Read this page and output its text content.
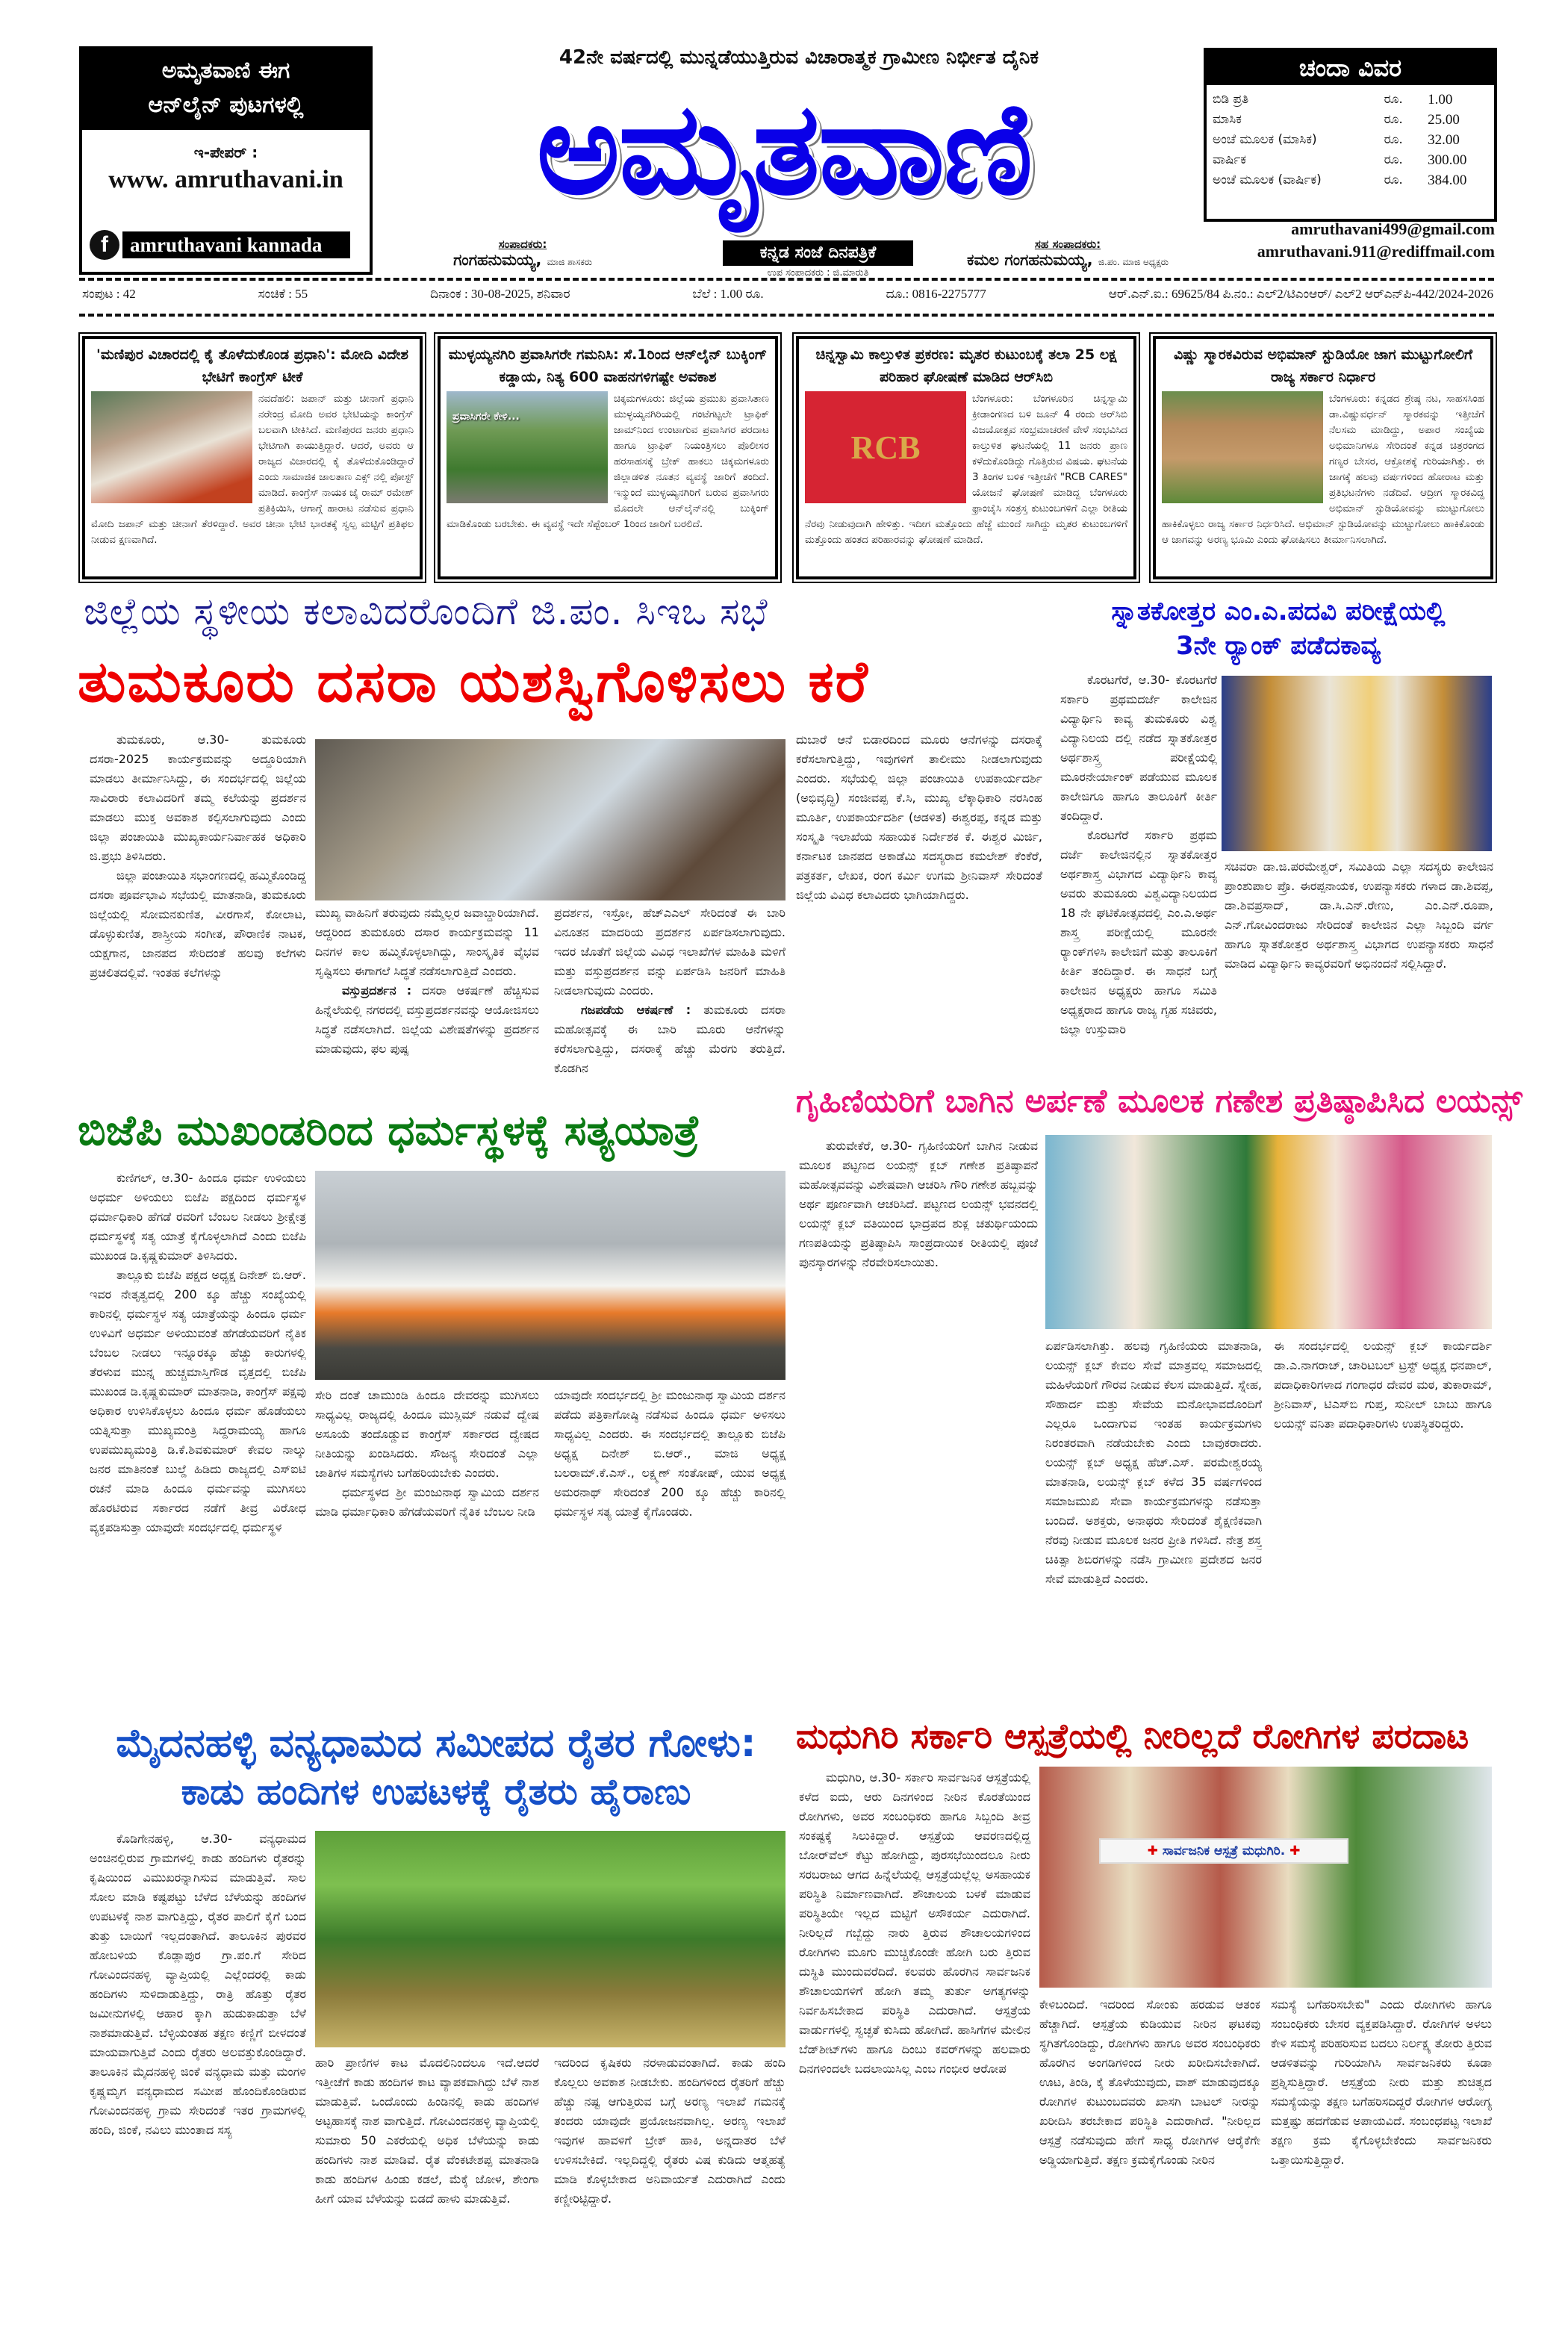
ಅಮೃತವಾಣಿ ಈಗ
ಆನ್‌ಲೈನ್ ಪುಟಗಳಲ್ಲಿ
ಇ-ಪೇಪರ್ :
www. amruthavani.in
f	amruthavani kannada
42ನೇ ವರ್ಷದಲ್ಲಿ ಮುನ್ನಡೆಯುತ್ತಿರುವ ವಿಚಾರಾತ್ಮಕ ಗ್ರಾಮೀಣ ನಿರ್ಭೀತ ದೈನಿಕ
ಅಮೃತವಾಣಿ
ಸಂಪಾದಕರು:
ಗಂಗಹನುಮಯ್ಯ, ಮಾಜಿ ಶಾಸಕರು	ಕನ್ನಡ ಸಂಜೆ ದಿನಪತ್ರಿಕೆ
ಉಪ ಸಂಪಾದಕರು : ಜಿ.ಮಾರುತಿ
ಸಹ ಸಂಪಾದಕರು:
ಕಮಲ ಗಂಗಹನುಮಯ್ಯ, ಜಿ.ಪಂ. ಮಾಜಿ ಅಧ್ಯಕ್ಷರು
ಚಂದಾ ವಿವರ
ಬಿಡಿ ಪ್ರತಿ	ರೂ.	1.00
ಮಾಸಿಕ	ರೂ.	25.00
ಅಂಚೆ ಮೂಲಕ (ಮಾಸಿಕ)	ರೂ.	32.00
ವಾರ್ಷಿಕ	ರೂ.	300.00
ಅಂಚೆ ಮೂಲಕ (ವಾರ್ಷಿಕ)	ರೂ.	384.00
amruthavani499@gmail.com
amruthavani.911@rediffmail.com
ಸಂಪುಟ : 42	ಸಂಚಿಕೆ : 55	ದಿನಾಂಕ : 30-08-2025, ಶನಿವಾರ	ಬೆಲೆ : 1.00 ರೂ.	ದೂ.: 0816-2275777	ಆರ್.ಎನ್.ಐ.: 69625/84 ಪಿ.ನಂ.: ಎಲ್2/ಟಿಎಂಆರ್/ ಎಲ್2 ಆರ್‌ಎನ್‌ಪಿ-442/2024-2026
'ಮಣಿಪುರ ವಿಚಾರದಲ್ಲಿ ಕೈ ತೊಳೆದುಕೊಂಡ ಪ್ರಧಾನಿ': ಮೋದಿ ವಿದೇಶ ಭೇಟಿಗೆ ಕಾಂಗ್ರೆಸ್ ಟೀಕೆ
ನವದೆಹಲಿ: ಜಪಾನ್ ಮತ್ತು ಚೀನಾಗೆ ಪ್ರಧಾನಿ ನರೇಂದ್ರ ಮೋದಿ ಅವರ ಭೇಟಿಯನ್ನು ಕಾಂಗ್ರೆಸ್ ಬಲವಾಗಿ ಟೀಕಿಸಿದೆ. ಮಣಿಪುರದ ಜನರು ಪ್ರಧಾನಿ ಭೇಟಿಗಾಗಿ ಕಾಯುತ್ತಿದ್ದಾರೆ. ಆದರೆ, ಅವರು ಆ ರಾಜ್ಯದ ವಿಚಾರದಲ್ಲಿ ಕೈ ತೊಳೆದುಕೊಂಡಿದ್ದಾರೆ ಎಂದು ಸಾಮಾಜಿಕ ಜಾಲತಾಣ ಎಕ್ಸ್ ನಲ್ಲಿ ಪೋಸ್ಟ್ ಮಾಡಿದೆ. ಕಾಂಗ್ರೆಸ್ ನಾಯಕ ಜೈ ರಾಮ್ ರಮೇಶ್ ಪ್ರತಿಕ್ರಿಯಿಸಿ, ಆಗಾಗ್ಗೆ ಹಾರಾಟ ನಡೆಸುವ ಪ್ರಧಾನಿ ಮೋದಿ ಜಪಾನ್ ಮತ್ತು ಚೀನಾಗೆ ತೆರಳಿದ್ದಾರೆ. ಅವರ ಚೀನಾ ಭೇಟಿ ಭಾರತಕ್ಕೆ ಸ್ವಲ್ಪ ಮಟ್ಟಿಗೆ ಪ್ರತಿಫಲ ನೀಡುವ ಕ್ಷಣವಾಗಿದೆ.
ಮುಳ್ಳಯ್ಯನಗಿರಿ ಪ್ರವಾಸಿಗರೇ ಗಮನಿಸಿ: ಸೆ.1ರಿಂದ ಆನ್‌ಲೈನ್ ಬುಕ್ಕಿಂಗ್ ಕಡ್ಡಾಯ, ನಿತ್ಯ 600 ವಾಹನಗಳಿಗಷ್ಟೇ ಅವಕಾಶ
ಪ್ರವಾಸಿಗರೇ ಕೇಳಿ...
ಚಿಕ್ಕಮಗಳೂರು: ಜಿಲ್ಲೆಯ ಪ್ರಮುಖ ಪ್ರವಾಸಿತಾಣ ಮುಳ್ಳಯ್ಯನಗಿರಿಯಲ್ಲಿ ಗಂಟೆಗಟ್ಟಲೇ ಟ್ರಾಫಿಕ್ ಜಾಮ್‌ನಿಂದ ಉಂಟಾಗುವ ಪ್ರವಾಸಿಗರ ಪರದಾಟ ಹಾಗೂ ಟ್ರಾಫಿಕ್ ನಿಯಂತ್ರಿಸಲು ಪೊಲೀಸರ ಹರಸಾಹಸಕ್ಕೆ ಬ್ರೇಕ್ ಹಾಕಲು ಚಿಕ್ಕಮಗಳೂರು ಜಿಲ್ಲಾಡಳಿತ ನೂತನ ವ್ಯವಸ್ಥೆ ಜಾರಿಗೆ ತಂದಿದೆ. ಇನ್ಮುಂದೆ ಮುಳ್ಳಯ್ಯನಗಿರಿಗೆ ಬರುವ ಪ್ರವಾಸಿಗರು ಮೊದಲೇ ಆನ್‌ಲೈನ್‌ನಲ್ಲಿ ಬುಕ್ಕಿಂಗ್ ಮಾಡಿಕೊಂಡು ಬರಬೇಕು. ಈ ವ್ಯವಸ್ಥೆ ಇದೇ ಸೆಪ್ಟೆಂಬರ್ 1ರಿಂದ ಜಾರಿಗೆ ಬರಲಿದೆ.
ಚಿನ್ನಸ್ವಾಮಿ ಕಾಲ್ತುಳಿತ ಪ್ರಕರಣ: ಮೃತರ ಕುಟುಂಬಕ್ಕೆ ತಲಾ 25 ಲಕ್ಷ ಪರಿಹಾರ ಘೋಷಣೆ ಮಾಡಿದ ಆರ್‌ಸಿಬಿ
RCB
ಬೆಂಗಳೂರು: ಬೆಂಗಳೂರಿನ ಚಿನ್ನಸ್ವಾಮಿ ಕ್ರೀಡಾಂಗಣದ ಬಳಿ ಜೂನ್ 4 ರಂದು ಆರ್‌ಸಿಬಿ ವಿಜಯೋತ್ಸವ ಸಂಭ್ರಮಾಚರಣೆ ವೇಳೆ ಸಂಭವಿಸಿದ ಕಾಲ್ತುಳಿತ ಘಟನೆಯಲ್ಲಿ 11 ಜನರು ಪ್ರಾಣ ಕಳೆದುಕೊಂಡಿದ್ದು ಗೊತ್ತಿರುವ ವಿಷಯ. ಘಟನೆಯ 3 ತಿಂಗಳ ಬಳಿಕ ಇತ್ತೀಚೆಗೆ "RCB CARES" ಯೋಜನೆ ಘೋಷಣೆ ಮಾಡಿದ್ದ ಬೆಂಗಳೂರು ಫ್ರಾಂಚೈಸಿ ಸಂತ್ರಸ್ತ ಕುಟುಂಬಗಳಿಗೆ ಎಲ್ಲಾ ರೀತಿಯ ನೆರವು ನೀಡುವುದಾಗಿ ಹೇಳಿತ್ತು. ಇದೀಗ ಮತ್ತೊಂದು ಹೆಜ್ಜೆ ಮುಂದೆ ಸಾಗಿದ್ದು ಮೃತರ ಕುಟುಂಬಗಳಿಗೆ ಮತ್ತೊಂದು ಹಂತದ ಪರಿಹಾರವನ್ನು ಘೋಷಣೆ ಮಾಡಿದೆ.
ವಿಷ್ಣು ಸ್ಮಾರಕವಿರುವ ಅಭಿಮಾನ್ ಸ್ಟುಡಿಯೋ ಜಾಗ ಮುಟ್ಟುಗೋಲಿಗೆ ರಾಜ್ಯ ಸರ್ಕಾರ ನಿರ್ಧಾರ
ಬೆಂಗಳೂರು: ಕನ್ನಡದ ಶ್ರೇಷ್ಠ ನಟ, ಸಾಹಸಸಿಂಹ ಡಾ.ವಿಷ್ಣುವರ್ಧನ್ ಸ್ಮಾರಕವನ್ನು ಇತ್ತೀಚೆಗೆ ನೆಲಸಮ ಮಾಡಿದ್ದು, ಅಪಾರ ಸಂಖ್ಯೆಯ ಅಭಿಮಾನಿಗಳೂ ಸೇರಿದಂತೆ ಕನ್ನಡ ಚಿತ್ರರಂಗದ ಗಣ್ಯರ ಬೇಸರ, ಆಕ್ರೋಶಕ್ಕೆ ಗುರಿಯಾಗಿತ್ತು. ಈ ಜಾಗಕ್ಕೆ ಹಲವು ವರ್ಷಗಳಿಂದ ಹೋರಾಟ ಮತ್ತು ಪ್ರತಿಭಟನೆಗಳು ನಡೆದಿವೆ. ಆದ್ರೀಗ ಸ್ಮಾರಕವಿದ್ದ ಅಭಿಮಾನ್ ಸ್ಟುಡಿಯೋವನ್ನು ಮುಟ್ಟುಗೋಲು ಹಾಕಿಕೊಳ್ಳಲು ರಾಜ್ಯ ಸರ್ಕಾರ ನಿರ್ಧರಿಸಿದೆ. ಅಭಿಮಾನ್ ಸ್ಟುಡಿಯೋವನ್ನು ಮುಟ್ಟುಗೋಲು ಹಾಕಿಕೊಂಡು ಆ ಜಾಗವನ್ನು ಅರಣ್ಯ ಭೂಮಿ ಎಂದು ಘೋಷಿಸಲು ತೀರ್ಮಾನಿಸಲಾಗಿದೆ.
ಜಿಲ್ಲೆಯ ಸ್ಥಳೀಯ ಕಲಾವಿದರೊಂದಿಗೆ ಜಿ.ಪಂ. ಸಿಇಒ ಸಭೆ
ತುಮಕೂರು ದಸರಾ ಯಶಸ್ವಿಗೊಳಿಸಲು ಕರೆ

ತುಮಕೂರು, ಆ.30- ತುಮಕೂರು ದಸರಾ-2025 ಕಾರ್ಯಕ್ರಮವನ್ನು ಅದ್ದೂರಿಯಾಗಿ ಮಾಡಲು ತೀರ್ಮಾನಿಸಿದ್ದು, ಈ ಸಂದರ್ಭದಲ್ಲಿ ಜಿಲ್ಲೆಯ ಸಾವಿರಾರು ಕಲಾವಿದರಿಗೆ ತಮ್ಮ ಕಲೆಯನ್ನು ಪ್ರದರ್ಶನ ಮಾಡಲು ಮುಕ್ತ ಅವಕಾಶ ಕಲ್ಪಿಸಲಾಗುವುದು ಎಂದು ಜಿಲ್ಲಾ ಪಂಚಾಯಿತಿ ಮುಖ್ಯಕಾರ್ಯನಿರ್ವಾಹಕ ಅಧಿಕಾರಿ ಜಿ.ಪ್ರಭು ತಿಳಿಸಿದರು.

ಜಿಲ್ಲಾ ಪಂಚಾಯಿತಿ ಸಭಾಂಗಣದಲ್ಲಿ ಹಮ್ಮಿಕೊಂಡಿದ್ದ ದಸರಾ ಪೂರ್ವಭಾವಿ ಸಭೆಯಲ್ಲಿ ಮಾತನಾಡಿ, ತುಮಕೂರು ಜಿಲ್ಲೆಯಲ್ಲಿ ಸೋಮನಕುಣಿತ, ವೀರಗಾಸೆ, ಕೋಲಾಟ, ಡೊಳ್ಳುಕುಣಿತ, ಶಾಸ್ತ್ರೀಯ ಸಂಗೀತ, ಪೌರಾಣಿಕ ನಾಟಕ, ಯಕ್ಷಗಾನ, ಜಾನಪದ ಸೇರಿದಂತೆ ಹಲವು ಕಲೆಗಳು ಪ್ರಚಲಿತದಲ್ಲಿವೆ. ಇಂತಹ ಕಲೆಗಳನ್ನು

ಮುಖ್ಯ ವಾಹಿನಿಗೆ ತರುವುದು ನಮ್ಮೆಲ್ಲರ ಜವಾಬ್ದಾರಿಯಾಗಿದೆ. ಆದ್ದರಿಂದ ತುಮಕೂರು ದಸಾರ ಕಾರ್ಯಕ್ರಮವನ್ನು 11 ದಿನಗಳ ಕಾಲ ಹಮ್ಮಿಕೊಳ್ಳಲಾಗಿದ್ದು, ಸಾಂಸ್ಕೃತಿಕ ವೈಭವ ಸೃಷ್ಟಿಸಲು ಈಗಾಗಲೆ ಸಿದ್ಧತೆ ನಡೆಸಲಾಗುತ್ತಿದೆ ಎಂದರು.

ವಸ್ತುಪ್ರದರ್ಶನ : ದಸರಾ ಆಕರ್ಷಣೆ ಹೆಚ್ಚಿಸುವ ಹಿನ್ನೆಲೆಯಲ್ಲಿ ನಗರದಲ್ಲಿ ವಸ್ತುಪ್ರದರ್ಶನವನ್ನು ಆಯೋಜಿಸಲು ಸಿದ್ಧತೆ ನಡೆಸಲಾಗಿದೆ. ಜಿಲ್ಲೆಯ ವಿಶೇಷತೆಗಳನ್ನು ಪ್ರದರ್ಶನ ಮಾಡುವುದು, ಫಲ ಪುಷ್ಪ

ಪ್ರದರ್ಶನ, ಇಸ್ರೋ, ಹೆಚ್‌ಎಎಲ್ ಸೇರಿದಂತೆ ಈ ಬಾರಿ ವಿನೂತನ ಮಾದರಿಯ ಪ್ರದರ್ಶನ ಏರ್ಪಡಿಸಲಾಗುವುದು. ಇದರ ಜೊತೆಗೆ ಜಿಲ್ಲೆಯ ವಿವಿಧ ಇಲಾಖೆಗಳ ಮಾಹಿತಿ ಮಳಿಗೆ ಮತ್ತು ವಸ್ತುಪ್ರದರ್ಶನ ವನ್ನು ಏರ್ಪಡಿಸಿ ಜನರಿಗೆ ಮಾಹಿತಿ ನೀಡಲಾಗುವುದು ಎಂದರು.

ಗಜಪಡೆಯ ಆಕರ್ಷಣೆ : ತುಮಕೂರು ದಸರಾ ಮಹೋತ್ಸವಕ್ಕೆ ಈ ಬಾರಿ ಮೂರು ಆನೆಗಳನ್ನು ಕರೆಸಲಾಗುತ್ತಿದ್ದು, ದಸರಾಕ್ಕೆ ಹೆಚ್ಚು ಮೆರಗು ತರುತ್ತಿದೆ. ಕೊಡಗಿನ

ದುಬಾರೆ ಆನೆ ಬಿಡಾರದಿಂದ ಮೂರು ಆನೆಗಳನ್ನು ದಸರಾಕ್ಕೆ ಕರೆಸಲಾಗುತ್ತಿದ್ದು, ಇವುಗಳಿಗೆ ತಾಲೀಮು ನೀಡಲಾಗುವುದು ಎಂದರು. ಸಭೆಯಲ್ಲಿ ಜಿಲ್ಲಾ ಪಂಚಾಯಿತಿ ಉಪಕಾರ್ಯದರ್ಶಿ (ಅಭಿವೃದ್ಧಿ) ಸಂಜೀವಪ್ಪ ಕೆ.ಸಿ, ಮುಖ್ಯ ಲೆಕ್ಕಾಧಿಕಾರಿ ನರಸಿಂಹ ಮೂರ್ತಿ, ಉಪಕಾರ್ಯದರ್ಶಿ (ಆಡಳಿತ) ಈಶ್ವರಪ್ಪ, ಕನ್ನಡ ಮತ್ತು ಸಂಸ್ಕೃತಿ ಇಲಾಖೆಯ ಸಹಾಯಕ ನಿರ್ದೇಶಕ ಕೆ. ಈಶ್ವರ ಮಿರ್ಜಿ, ಕರ್ನಾಟಕ ಜಾನಪದ ಅಕಾಡೆಮಿ ಸದಸ್ಯರಾದ ಕಮಲೇಶ್ ಕೆಂಕೆರೆ, ಪತ್ರಕರ್ತ, ಲೇಖಕ, ರಂಗ ಕರ್ಮಿ ಉಗಮ ಶ್ರೀನಿವಾಸ್ ಸೇರಿದಂತೆ ಜಿಲ್ಲೆಯ ವಿವಿಧ ಕಲಾವಿದರು ಭಾಗಿಯಾಗಿದ್ದರು.

ಸ್ನಾತಕೋತ್ತರ ಎಂ.ಎ.ಪದವಿ ಪರೀಕ್ಷೆಯಲ್ಲಿ
3ನೇ ರ‍್ಯಾಂಕ್ ಪಡೆದಕಾವ್ಯ

ಕೊರಟಗೆರೆ, ಆ.30- ಕೊರಟಗೆರೆ ಸರ್ಕಾರಿ ಪ್ರಥಮದರ್ಜೆ ಕಾಲೇಜಿನ ವಿದ್ಯಾರ್ಥಿನಿ ಕಾವ್ಯ ತುಮಕೂರು ವಿಶ್ವ ವಿದ್ಯಾನಿಲಯ ದಲ್ಲಿ ನಡೆದ ಸ್ನಾತಕೋತ್ತರ ಅರ್ಥಶಾಸ್ತ್ರ ಪರೀಕ್ಷೆಯಲ್ಲಿ ಮೂರನೇರ್ಯಾಂಕ್ ಪಡೆಯುವ ಮೂಲಕ ಕಾಲೇಜಿಗೂ ಹಾಗೂ ತಾಲೂಕಿಗೆ ಕೀರ್ತಿ ತಂದಿದ್ದಾರೆ.

ಕೊರಟಗೆರೆ ಸರ್ಕಾರಿ ಪ್ರಥಮ ದರ್ಜೆ ಕಾಲೇಜಿನಲ್ಲಿನ ಸ್ನಾತಕೋತ್ತರ ಅರ್ಥಶಾಸ್ತ್ರ ವಿಭಾಗದ ವಿದ್ಯಾರ್ಥಿನಿ ಕಾವ್ಯ ಅವರು ತುಮಕೂರು ವಿಶ್ವವಿದ್ಯಾನಿಲಯದ 18 ನೇ ಘಟಿಕೋತ್ಸವದಲ್ಲಿ ಎಂ.ಎ.ಅರ್ಥ ಶಾಸ್ತ್ರ ಪರೀಕ್ಷೆಯಲ್ಲಿ ಮೂರನೇ ರ‍್ಯಾಂಕ್‌ಗಳಿಸಿ ಕಾಲೇಜಿಗೆ ಮತ್ತು ತಾಲೂಕಿಗೆ ಕೀರ್ತಿ ತಂದಿದ್ದಾರೆ. ಈ ಸಾಧನೆ ಬಗ್ಗೆ ಕಾಲೇಜಿನ ಅಧ್ಯಕ್ಷರು ಹಾಗೂ ಸಮಿತಿ ಅಧ್ಯಕ್ಷರಾದ ಹಾಗೂ ರಾಜ್ಯ ಗೃಹ ಸಚಿವರು, ಜಿಲ್ಲಾ ಉಸ್ತುವಾರಿ

ಸಚಿವರಾ ಡಾ.ಜಿ.ಪರಮೇಶ್ವರ್, ಸಮಿತಿಯ ಎಲ್ಲಾ ಸದಸ್ಯರು ಕಾಲೇಜಿನ ಪ್ರಾಂಶುಪಾಲ ಪ್ರೊ. ಈರಪ್ಪನಾಯಕ, ಉಪನ್ಯಾಸಕರು ಗಳಾದ ಡಾ.ಶಿವಪ್ಪ, ಡಾ.ಶಿವಪ್ರಸಾದ್, ಡಾ.ಸಿ.ಎನ್.ರೇಣು, ಎಂ.ಎನ್.ರೂಪಾ, ಎನ್.ಗೋವಿಂದರಾಜು ಸೇರಿದಂತೆ ಕಾಲೇಜಿನ ಎಲ್ಲಾ ಸಿಬ್ಬಂದಿ ವರ್ಗ ಹಾಗೂ ಸ್ನಾತಕೋತ್ತರ ಅರ್ಥಶಾಸ್ತ್ರ ವಿಭಾಗದ ಉಪನ್ಯಾಸಕರು ಸಾಧನೆ ಮಾಡಿದ ವಿದ್ಯಾರ್ಥಿನಿ ಕಾವ್ಯರವರಿಗೆ ಅಭಿನಂದನೆ ಸಲ್ಲಿಸಿದ್ದಾರೆ.

ಬಿಜೆಪಿ ಮುಖಂಡರಿಂದ ಧರ್ಮಸ್ಥಳಕ್ಕೆ ಸತ್ಯಯಾತ್ರೆ

ಕುಣಿಗಲ್, ಆ.30- ಹಿಂದೂ ಧರ್ಮ ಉಳಿಯಲು ಅಧರ್ಮ ಅಳಿಯಲು ಬಿಜೆಪಿ ಪಕ್ಷದಿಂದ ಧರ್ಮಸ್ಥಳ ಧರ್ಮಾಧಿಕಾರಿ ಹೆಗಡೆ ರವರಿಗೆ ಬೆಂಬಲ ನೀಡಲು ಶ್ರೀಕ್ಷೇತ್ರ ಧರ್ಮಸ್ಥಳಕ್ಕೆ ಸತ್ಯ ಯಾತ್ರೆ ಕೈಗೊಳ್ಳಲಾಗಿದೆ ಎಂದು ಬಿಜೆಪಿ ಮುಖಂಡ ಡಿ.ಕೃಷ್ಣಕುಮಾರ್ ತಿಳಿಸಿದರು.

ತಾಲ್ಲೂಕು ಬಿಜೆಪಿ ಪಕ್ಷದ ಅಧ್ಯಕ್ಷ ದಿನೇಶ್ ಬಿ.ಆರ್. ಇವರ ನೇತೃತ್ವದಲ್ಲಿ 200 ಕ್ಕೂ ಹೆಚ್ಚು ಸಂಖ್ಯೆಯಲ್ಲಿ ಕಾರಿನಲ್ಲಿ ಧರ್ಮಸ್ಥಳ ಸತ್ಯ ಯಾತ್ರೆಯನ್ನು ಹಿಂದೂ ಧರ್ಮ ಉಳಿವಿಗೆ ಅಧರ್ಮ ಅಳಿಯುವಂತೆ ಹೆಗಡೆಯವರಿಗೆ ನೈತಿಕ ಬೆಂಬಲ ನೀಡಲು ಇನ್ನೂರಕ್ಕೂ ಹೆಚ್ಚು ಕಾರುಗಳಲ್ಲಿ ತೆರಳುವ ಮುನ್ನ ಹುಚ್ಚಮಾಸ್ತಿಗೌಡ ವೃತ್ತದಲ್ಲಿ ಬಿಜೆಪಿ ಮುಖಂಡ ಡಿ.ಕೃಷ್ಣಕುಮಾರ್ ಮಾತನಾಡಿ, ಕಾಂಗ್ರೆಸ್ ಪಕ್ಷವು ಅಧಿಕಾರ ಉಳಿಸಿಕೊಳ್ಳಲು ಹಿಂದೂ ಧರ್ಮ ಹೊಡೆಯಲು ಯತ್ನಿಸುತ್ತಾ ಮುಖ್ಯಮಂತ್ರಿ ಸಿದ್ದರಾಮಯ್ಯ ಹಾಗೂ ಉಪಮುಖ್ಯಮಂತ್ರಿ ಡಿ.ಕೆ.ಶಿವಕುಮಾರ್ ಕೇವಲ ನಾಲ್ಕು ಜನರ ಮಾತಿನಂತೆ ಬುಲ್ಡೆ ಹಿಡಿದು ರಾಜ್ಯದಲ್ಲಿ ಎಸ್‌ಐಟಿ ರಚನೆ ಮಾಡಿ ಹಿಂದೂ ಧರ್ಮವನ್ನು ಮುಗಿಸಲು ಹೊರಟಿರುವ ಸರ್ಕಾರದ ನಡೆಗೆ ತೀವ್ರ ವಿರೋಧ ವ್ಯಕ್ತಪಡಿಸುತ್ತಾ ಯಾವುದೇ ಸಂದರ್ಭದಲ್ಲಿ ಧರ್ಮಸ್ಥಳ

ಸೇರಿ ದಂತೆ ಚಾಮುಂಡಿ ಹಿಂದೂ ದೇವರನ್ನು ಮುಗಿಸಲು ಸಾಧ್ಯವಿಲ್ಲ ರಾಜ್ಯದಲ್ಲಿ ಹಿಂದೂ ಮುಸ್ಲಿಮ್ ನಡುವೆ ದ್ವೇಷ ಅಸೂಯೆ ತಂದೊಡ್ಡುವ ಕಾಂಗ್ರೆಸ್ ಸರ್ಕಾರದ ದ್ವೇಷದ ನೀತಿಯನ್ನು ಖಂಡಿಸಿದರು. ಸೌಜನ್ಯ ಸೇರಿದಂತೆ ಎಲ್ಲಾ ಜಾತಿಗಳ ಸಮಸ್ಯೆಗಳು ಬಗೆಹರಿಯಬೇಕು ಎಂದರು.

ಧರ್ಮಸ್ಥಳದ ಶ್ರೀ ಮಂಜುನಾಥ ಸ್ವಾಮಿಯ ದರ್ಶನ ಮಾಡಿ ಧರ್ಮಾಧಿಕಾರಿ ಹೆಗಡೆಯವರಿಗೆ ನೈತಿಕ ಬೆಂಬಲ ನೀಡಿ

ಯಾವುದೇ ಸಂದರ್ಭದಲ್ಲಿ ಶ್ರೀ ಮಂಜುನಾಥ ಸ್ವಾಮಿಯ ದರ್ಶನ ಪಡೆದು ಪತ್ರಿಕಾಗೋಷ್ಠಿ ನಡೆಸುವ ಹಿಂದೂ ಧರ್ಮ ಅಳಿಸಲು ಸಾಧ್ಯವಿಲ್ಲ ಎಂದರು. ಈ ಸಂದರ್ಭದಲ್ಲಿ ತಾಲ್ಲೂಕು ಬಿಜೆಪಿ ಅಧ್ಯಕ್ಷ ದಿನೇಶ್ ಬಿ.ಆರ್., ಮಾಜಿ ಅಧ್ಯಕ್ಷ ಬಲರಾಮ್.ಕೆ.ಎಸ್., ಲಕ್ಷ್ಮಣ್ ಸಂತೋಷ್, ಯುವ ಅಧ್ಯಕ್ಷ ಅಮರನಾಥ್ ಸೇರಿದಂತೆ 200 ಕ್ಕೂ ಹೆಚ್ಚು ಕಾರಿನಲ್ಲಿ ಧರ್ಮಸ್ಥಳ ಸತ್ಯ ಯಾತ್ರೆ ಕೈಗೊಂಡರು.

ಗೃಹಿಣಿಯರಿಗೆ ಬಾಗಿನ ಅರ್ಪಣೆ ಮೂಲಕ ಗಣೇಶ ಪ್ರತಿಷ್ಠಾಪಿಸಿದ ಲಯನ್ಸ್

ತುರುವೇಕೆರೆ, ಆ.30- ಗೃಹಿಣಿಯರಿಗೆ ಬಾಗಿನ ನೀಡುವ ಮೂಲಕ ಪಟ್ಟಣದ ಲಯನ್ಸ್ ಕ್ಲಬ್ ಗಣೇಶ ಪ್ರತಿಷ್ಠಾಪನೆ ಮಹೋತ್ಸವವನ್ನು ವಿಶೇಷವಾಗಿ ಆಚರಿಸಿ ಗೌರಿ ಗಣೇಶ ಹಬ್ಬವನ್ನು ಅರ್ಥ ಪೂರ್ಣವಾಗಿ ಆಚರಿಸಿದೆ. ಪಟ್ಟಣದ ಲಯನ್ಸ್ ಭವನದಲ್ಲಿ ಲಯನ್ಸ್ ಕ್ಲಬ್ ವತಿಯಿಂದ ಭಾದ್ರಪದ ಶುಕ್ಲ ಚತುರ್ಥಿಯಂದು ಗಣಪತಿಯನ್ನು ಪ್ರತಿಷ್ಠಾಪಿಸಿ ಸಾಂಪ್ರದಾಯಿಕ ರೀತಿಯಲ್ಲಿ ಪೂಜೆ ಪುನಸ್ಕಾರಗಳನ್ನು ನೆರವೇರಿಸಲಾಯಿತು.

ಏರ್ಪಡಿಸಲಾಗಿತ್ತು. ಹಲವು ಗೃಹಿಣಿಯರು ಮಾತನಾಡಿ, ಲಯನ್ಸ್ ಕ್ಲಬ್ ಕೇವಲ ಸೇವೆ ಮಾತ್ರವಲ್ಲ ಸಮಾಜದಲ್ಲಿ ಮಹಿಳೆಯರಿಗೆ ಗೌರವ ನೀಡುವ ಕೆಲಸ ಮಾಡುತ್ತಿದೆ. ಸ್ನೇಹ, ಸೌಹಾರ್ದ ಮತ್ತು ಸೇವೆಯ ಮನೋಭಾವದೊಂದಿಗೆ ಎಲ್ಲರೂ ಒಂದಾಗುವ ಇಂತಹ ಕಾರ್ಯಕ್ರಮಗಳು ನಿರಂತರವಾಗಿ ನಡೆಯಬೇಕು ಎಂದು ಬಾವುಕರಾದರು. ಲಯನ್ಸ್ ಕ್ಲಬ್ ಅಧ್ಯಕ್ಷ ಹೆಚ್.ಎಸ್. ಪರಮೇಶ್ವರಯ್ಯ ಮಾತನಾಡಿ, ಲಯನ್ಸ್ ಕ್ಲಬ್ ಕಳೆದ 35 ವರ್ಷಗಳಿಂದ ಸಮಾಜಮುಖಿ ಸೇವಾ ಕಾರ್ಯಕ್ರಮಗಳನ್ನು ನಡೆಸುತ್ತಾ ಬಂದಿದೆ. ಅಶಕ್ತರು, ಅನಾಥರು ಸೇರಿದಂತೆ ಶೈಕ್ಷಣಿಕವಾಗಿ ನೆರವು ನೀಡುವ ಮೂಲಕ ಜನರ ಪ್ರೀತಿ ಗಳಿಸಿದೆ. ನೇತ್ರ ಶಸ್ತ್ರ ಚಿಕಿತ್ಸಾ ಶಿಬಿರಗಳನ್ನು ನಡೆಸಿ ಗ್ರಾಮೀಣ ಪ್ರದೇಶದ ಜನರ ಸೇವೆ ಮಾಡುತ್ತಿದೆ ಎಂದರು.

ಈ ಸಂದರ್ಭದಲ್ಲಿ ಲಯನ್ಸ್ ಕ್ಲಬ್ ಕಾರ್ಯದರ್ಶಿ ಡಾ.ಎ.ನಾಗರಾಜ್, ಚಾರಿಟಬಲ್ ಟ್ರಸ್ಟ್ ಅಧ್ಯಕ್ಷ ಧನಪಾಲ್, ಪದಾಧಿಕಾರಿಗಳಾದ ಗಂಗಾಧರ ದೇವರ ಮಠ, ತುಕಾರಾಮ್, ಶ್ರೀನಿವಾಸ್, ಟಿಎಸ್‌ಬಿ ಗುಪ್ತ, ಸುನೀಲ್ ಬಾಬು ಹಾಗೂ ಲಯನ್ಸ್ ವನಿತಾ ಪದಾಧಿಕಾರಿಗಳು ಉಪಸ್ಥಿತರಿದ್ದರು.

ಮೈದನಹಳ್ಳಿ ವನ್ಯಧಾಮದ ಸಮೀಪದ ರೈತರ ಗೋಳು:
ಕಾಡು ಹಂದಿಗಳ ಉಪಟಳಕ್ಕೆ ರೈತರು ಹೈರಾಣು

ಕೊಡಿಗೇನಹಳ್ಳಿ, ಆ.30- ವನ್ಯಧಾಮದ ಅಂಚಿನಲ್ಲಿರುವ ಗ್ರಾಮಗಳಲ್ಲಿ ಕಾಡು ಹಂದಿಗಳು ರೈತರನ್ನು ಕೃಷಿಯಿಂದ ವಿಮುಖರನ್ನಾಗಿಸುವ ಮಾಡುತ್ತಿವೆ. ಸಾಲ ಸೋಲ ಮಾಡಿ ಕಷ್ಟಪಟ್ಟು ಬೆಳೆದ ಬೆಳೆಯನ್ನು ಹಂದಿಗಳ ಉಪಟಳಕ್ಕೆ ನಾಶ ವಾಗುತ್ತಿದ್ದು, ರೈತರ ಪಾಲಿಗೆ ಕೈಗೆ ಬಂದ ತುತ್ತು ಬಾಯಿಗೆ ಇಲ್ಲದಂತಾಗಿದೆ. ತಾಲೂಕಿನ ಪುರವರ ಹೋಬಳಿಯ ಕೊಡ್ಲಾಪುರ ಗ್ರಾ.ಪಂ.ಗೆ ಸೇರಿದ ಗೋವಿಂದನಹಳ್ಳಿ ವ್ಯಾಪ್ತಿಯಲ್ಲಿ ಎಲ್ಲೆಂದರಲ್ಲಿ ಕಾಡು ಹಂದಿಗಳು ಸುಳಿದಾಡುತ್ತಿದ್ದು, ರಾತ್ರಿ ಹೊತ್ತು ರೈತರ ಜಮೀನುಗಳಲ್ಲಿ ಆಹಾರ ಕ್ಕಾಗಿ ಹುಡುಕಾಡುತ್ತಾ ಬೆಳೆ ನಾಶಮಾಡುತ್ತಿವೆ. ಬೆಳ್ಳಿಯಂತಹ ತಕ್ಷಣ ಕಣ್ಣಿಗೆ ಬೀಳದಂತೆ ಮಾಯವಾಗುತ್ತಿವೆ ಎಂದು ರೈತರು ಅಲವತ್ತುಕೊಂಡಿದ್ದಾರೆ. ತಾಲೂಕಿನ ಮೈದನಹಳ್ಳಿ ಜಿಂಕೆ ವನ್ಯಧಾಮ ಮತ್ತು ಮಂಗಳಿ ಕೃಷ್ಣಮೃಗ ವನ್ಯಧಾಮದ ಸಮೀಪ ಹೊಂದಿಕೊಂಡಿರುವ ಗೋವಿಂದನಹಳ್ಳಿ ಗ್ರಾಮ ಸೇರಿದಂತೆ ಇತರ ಗ್ರಾಮಗಳಲ್ಲಿ ಹಂದಿ, ಜಿಂಕೆ, ನವಿಲು ಮುಂತಾದ ಸಸ್ಯ

ಹಾರಿ ಪ್ರಾಣಿಗಳ ಕಾಟ ಮೊದಲಿನಿಂದಲೂ ಇದೆ.ಆದರೆ ಇತ್ತೀಚೆಗೆ ಕಾಡು ಹಂದಿಗಳ ಕಾಟ ವ್ಯಾಪಕವಾಗಿದ್ದು ಬೆಳೆ ನಾಶ ಮಾಡುತ್ತಿವೆ. ಒಂದೊಂದು ಹಿಂಡಿನಲ್ಲಿ ಕಾಡು ಹಂದಿಗಳ ಅಟ್ಟಹಾಸಕ್ಕೆ ನಾಶ ವಾಗುತ್ತಿದೆ. ಗೋವಿಂದನಹಳ್ಳಿ ವ್ಯಾಪ್ತಿಯಲ್ಲಿ ಸುಮಾರು 50 ಎಕರೆಯಲ್ಲಿ ಅಧಿಕ ಬೆಳೆಯನ್ನು ಕಾಡು ಹಂದಿಗಳು ನಾಶ ಮಾಡಿವೆ. ರೈತ ವೆಂಕಟೇಶಪ್ಪ ಮಾತನಾಡಿ ಕಾಡು ಹಂದಿಗಳ ಹಿಂಡು ಕಡಲೆ, ಮೆಕ್ಕೆ ಜೋಳ, ಶೇಂಗಾ ಹೀಗೆ ಯಾವ ಬೆಳೆಯನ್ನು ಬಿಡದೆ ಹಾಳು ಮಾಡುತ್ತಿವೆ.

ಇದರಿಂದ ಕೃಷಿಕರು ನರಳಾಡುವಂತಾಗಿದೆ. ಕಾಡು ಹಂದಿ ಕೊಲ್ಲಲು ಅವಕಾಶ ನೀಡಬೇಕು. ಹಂದಿಗಳಿಂದ ರೈತರಿಗೆ ಹೆಚ್ಚು ಹೆಚ್ಚು ನಷ್ಟ ಆಗುತ್ತಿರುವ ಬಗ್ಗೆ ಅರಣ್ಯ ಇಲಾಖೆ ಗಮನಕ್ಕೆ ತಂದರು ಯಾವುದೇ ಪ್ರಯೋಜನವಾಗಿಲ್ಲ. ಅರಣ್ಯ ಇಲಾಖೆ ಇವುಗಳ ಹಾವಳಿಗೆ ಬ್ರೇಕ್ ಹಾಕಿ, ಅನ್ನದಾತರ ಬೆಳೆ ಉಳಿಸಬೇಕಿದೆ. ಇಲ್ಲದಿದ್ದಲ್ಲಿ ರೈತರು ವಿಷ ಕುಡಿದು ಆತ್ಮಹತ್ಯೆ ಮಾಡಿ ಕೊಳ್ಳಬೇಕಾದ ಅನಿವಾರ್ಯತೆ ಎದುರಾಗಿದೆ ಎಂದು ಕಣ್ಣೀರಿಟ್ಟಿದ್ದಾರೆ.

ಮಧುಗಿರಿ ಸರ್ಕಾರಿ ಆಸ್ಪತ್ರೆಯಲ್ಲಿ ನೀರಿಲ್ಲದೆ ರೋಗಿಗಳ ಪರದಾಟ

ಮಧುಗಿರಿ, ಆ.30- ಸರ್ಕಾರಿ ಸಾರ್ವಜನಿಕ ಆಸ್ಪತ್ರೆಯಲ್ಲಿ ಕಳೆದ ಐದು, ಆರು ದಿನಗಳಿಂದ ನೀರಿನ ಕೊರತೆಯಿಂದ ರೋಗಿಗಳು, ಅವರ ಸಂಬಂಧಿಕರು ಹಾಗೂ ಸಿಬ್ಬಂದಿ ತೀವ್ರ ಸಂಕಷ್ಟಕ್ಕೆ ಸಿಲುಕಿದ್ದಾರೆ. ಆಸ್ಪತ್ರೆಯ ಆವರಣದಲ್ಲಿದ್ದ ಬೋರ್‌ವೆಲ್ ಕೆಟ್ಟು ಹೋಗಿದ್ದು, ಪುರಸಭೆಯಿಂದಲೂ ನೀರು ಸರಬರಾಜು ಆಗದ ಹಿನ್ನೆಲೆಯಲ್ಲಿ ಆಸ್ಪತ್ರೆಯಲ್ಲೆಲ್ಲ ಅಸಹಾಯಕ ಪರಿಸ್ಥಿತಿ ನಿರ್ಮಾಣವಾಗಿದೆ. ಶೌಚಾಲಯ ಬಳಕೆ ಮಾಡುವ ಪರಿಸ್ಥಿತಿಯೇ ಇಲ್ಲದ ಮಟ್ಟಿಗೆ ಅಸೌಕರ್ಯ ಎದುರಾಗಿದೆ. ನೀರಿಲ್ಲದೆ ಗಬ್ಬೆದ್ದು ನಾರು ತ್ತಿರುವ ಶೌಚಾಲಯಗಳಿಂದ ರೋಗಿಗಳು ಮೂಗು ಮುಚ್ಚಿಕೊಂಡೇ ಹೋಗಿ ಬರು ತ್ತಿರುವ ದುಸ್ಥಿತಿ ಮುಂದುವರೆದಿದೆ. ಕಲವರು ಹೊರಗಿನ ಸಾರ್ವಜನಿಕ ಶೌಚಾಲಯಗಳಿಗೆ ಹೋಗಿ ತಮ್ಮ ತುರ್ತು ಅಗತ್ಯಗಳನ್ನು ನಿರ್ವಹಿಸಬೇಕಾದ ಪರಿಸ್ಥಿತಿ ಎದುರಾಗಿದೆ. ಆಸ್ಪತ್ರೆಯ ವಾರ್ಡುಗಳಲ್ಲಿ ಸ್ವಚ್ಛತೆ ಕುಸಿದು ಹೋಗಿದೆ. ಹಾಸಿಗೆಗಳ ಮೇಲಿನ ಬೆಡ್‌ಶೀಟ್‌ಗಳು ಹಾಗೂ ದಿಂಬು ಕವರ್‌ಗಳನ್ನು ಹಲವಾರು ದಿನಗಳಿಂದಲೇ ಬದಲಾಯಿಸಿಲ್ಲ ಎಂಬ ಗಂಭೀರ ಆರೋಪ

✚ ಸಾರ್ವಜನಿಕ ಆಸ್ಪತ್ರೆ ಮಧುಗಿರಿ. ✚

ಕೇಳಿಬಂದಿದೆ. ಇದರಿಂದ ಸೋಂಕು ಹರಡುವ ಆತಂಕ ಹೆಚ್ಚಾಗಿದೆ. ಆಸ್ಪತ್ರೆಯ ಕುಡಿಯುವ ನೀರಿನ ಘಟಕವು ಸ್ಥಗಿತಗೊಂಡಿದ್ದು, ರೋಗಿಗಳು ಹಾಗೂ ಅವರ ಸಂಬಂಧಿಕರು ಹೊರಗಿನ ಅಂಗಡಿಗಳಿಂದ ನೀರು ಖರೀದಿಸಬೇಕಾಗಿದೆ. ಊಟ, ತಿಂಡಿ, ಕೈ ತೊಳೆಯುವುದು, ವಾಶ್ ಮಾಡುವುದಕ್ಕೂ ರೋಗಿಗಳ ಕುಟುಂಬದವರು ಖಾಸಗಿ ಬಾಟಲ್ ನೀರನ್ನು ಖರೀದಿಸಿ ತರಬೇಕಾದ ಪರಿಸ್ಥಿತಿ ಎದುರಾಗಿದೆ. "ನೀರಿಲ್ಲದ ಆಸ್ಪತ್ರೆ ನಡೆಸುವುದು ಹೇಗೆ ಸಾಧ್ಯ ರೋಗಿಗಳ ಆರೈಕೆಗೇ ಅಡ್ಡಿಯಾಗುತ್ತಿದೆ. ತಕ್ಷಣ ಕ್ರಮಕೈಗೊಂಡು ನೀರಿನ

ಸಮಸ್ಯೆ ಬಗೆಹರಿಸಬೇಕು" ಎಂದು ರೋಗಿಗಳು ಹಾಗೂ ಸಂಬಂಧಿಕರು ಬೇಸರ ವ್ಯಕ್ತಪಡಿಸಿದ್ದಾರೆ. ರೋಗಿಗಳ ಅಳಲು ಕೇಳಿ ಸಮಸ್ಯೆ ಪರಿಹರಿಸುವ ಬದಲು ನಿರ್ಲಕ್ಷ್ಯ ತೋರು ತ್ತಿರುವ ಆಡಳಿತವನ್ನು ಗುರಿಯಾಗಿಸಿ ಸಾರ್ವಜನಿಕರು ಕೂಡಾ ಪ್ರಶ್ನಿಸುತ್ತಿದ್ದಾರೆ. ಆಸ್ಪತ್ರೆಯ ನೀರು ಮತ್ತು ಶುಚಿತ್ವದ ಸಮಸ್ಯೆಯನ್ನು ತಕ್ಷಣ ಬಗೆಹರಿಸದಿದ್ದರೆ ರೋಗಿಗಳ ಆರೋಗ್ಯ ಮತ್ತಷ್ಟು ಹದಗೆಡುವ ಅಪಾಯವಿದೆ. ಸಂಬಂಧಪಟ್ಟ ಇಲಾಖೆ ತಕ್ಷಣ ಕ್ರಮ ಕೈಗೊಳ್ಳಬೇಕೆಂದು ಸಾರ್ವಜನಿಕರು ಒತ್ತಾಯಿಸುತ್ತಿದ್ದಾರೆ.
